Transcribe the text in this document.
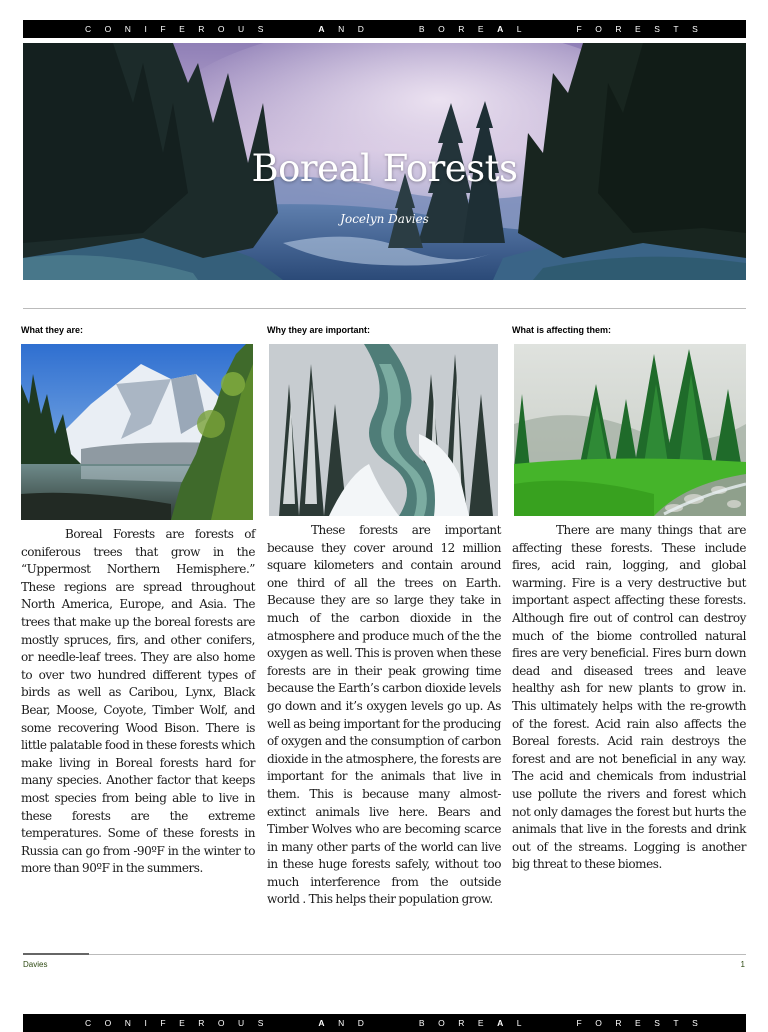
C O N I F E R O U S	A N D	B O R E A L	F O R E S T S
Boreal Forests
Jocelyn Davies
What they are:
Boreal Forests are forests of coniferous trees that grow in the “Uppermost Northern Hemisphere.” These regions are spread throughout North America, Europe, and Asia. The trees that make up the boreal forests are mostly spruces, firs, and other conifers, or needle-leaf trees. They are also home to over two hundred different types of birds as well as Caribou, Lynx, Black Bear, Moose, Coyote, Timber Wolf, and some recovering Wood Bison. There is little palatable food in these forests which make living in Boreal forests hard for many species. Another factor that keeps most species from being able to live in these forests are the extreme temperatures. Some of these forests in Russia can go from -90ºF in the winter to more than 90ºF in the summers.
Why they are important:
These forests are important because they cover around 12 million square kilometers and contain around one third of all the trees on Earth. Because they are so large they take in much of the carbon dioxide in the atmosphere and produce much of the the oxygen as well. This is proven when these forests are in their peak growing time because the Earth’s carbon dioxide levels go down and it’s oxygen levels go up. As well as being important for the producing of oxygen and the consumption of carbon dioxide in the atmosphere, the forests are important for the animals that live in them. This is because many almost-extinct animals live here. Bears and Timber Wolves who are becoming scarce in many other parts of the world can live in these huge forests safely, without too much interference from the outside world . This helps their population grow.
What is affecting them:
There are many things that are affecting these forests. These include fires, acid rain, logging, and global warming. Fire is a very destructive but important aspect affecting these forests. Although fire out of control can destroy much of the biome controlled natural fires are very beneficial. Fires burn down dead and diseased trees and leave healthy ash for new plants to grow in. This ultimately helps with the re-growth of the forest. Acid rain also affects the Boreal forests. Acid rain destroys the forest and are not beneficial in any way. The acid and chemicals from industrial use pollute the rivers and forest which not only damages the forest but hurts the animals that live in the forests and drink out of the streams. Logging is another big threat to these biomes.
Davies	1
C O N I F E R O U S	A N D	B O R E A L	F O R E S T S
